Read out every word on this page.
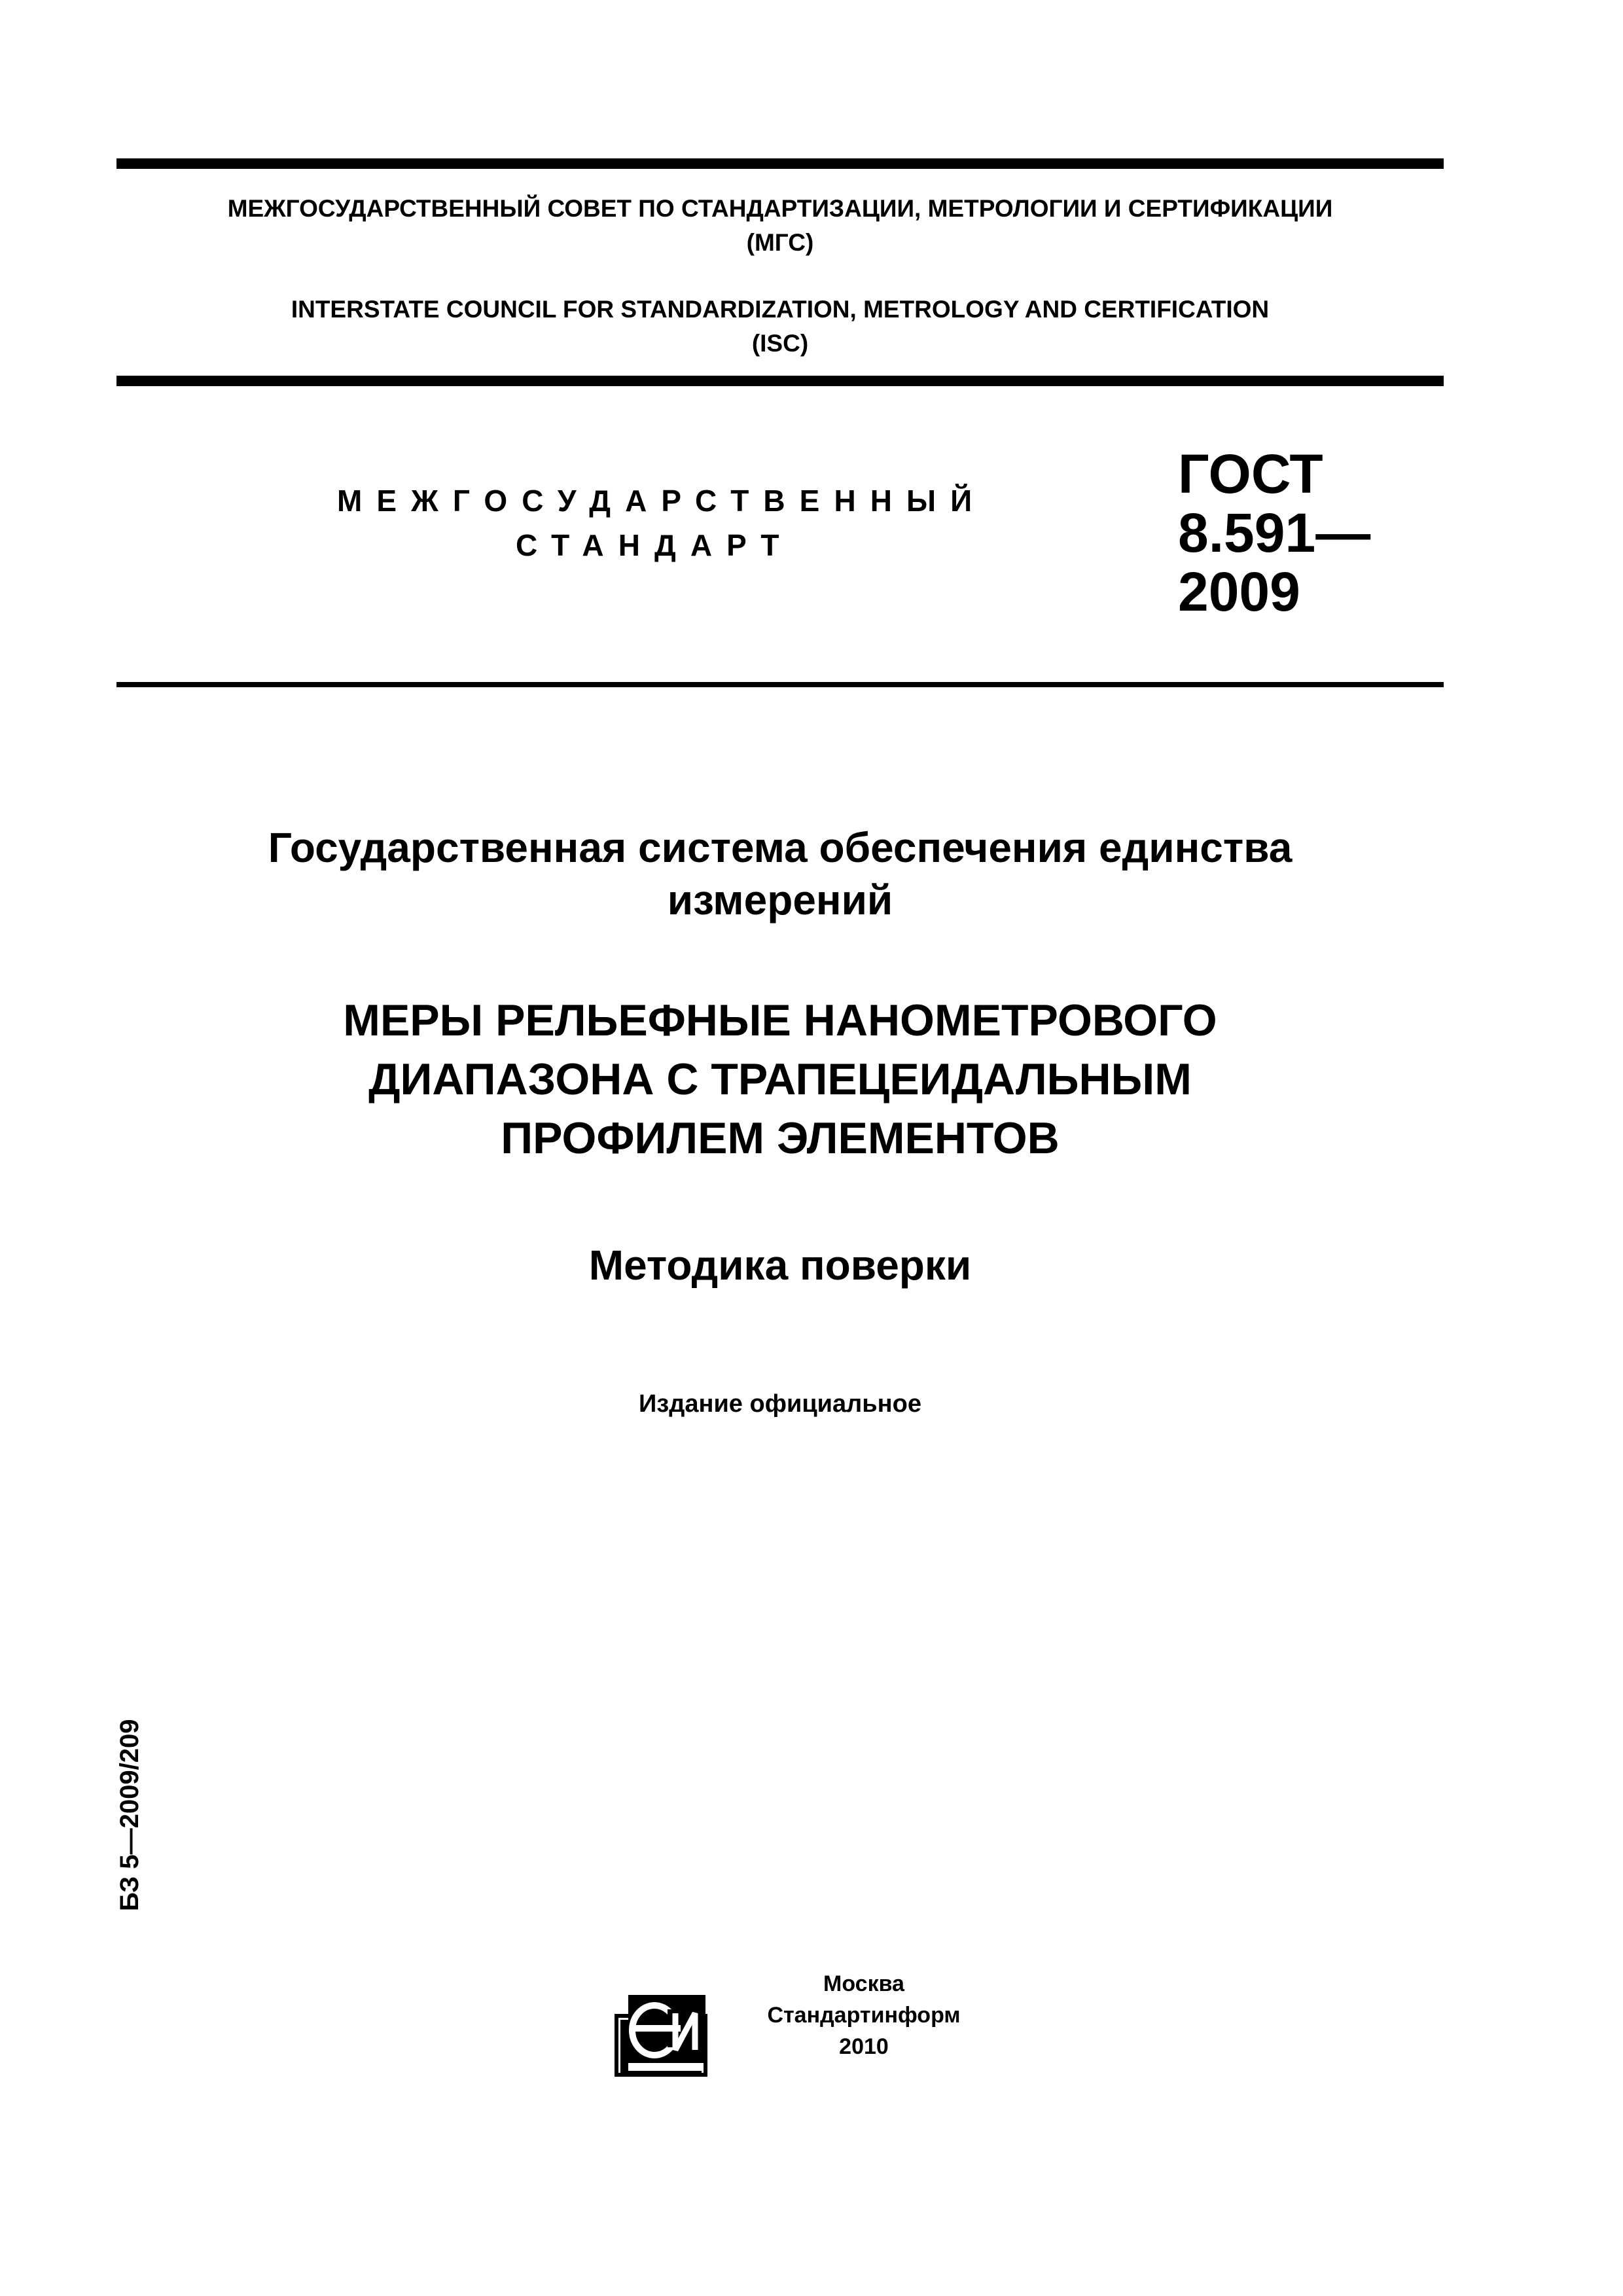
МЕЖГОСУДАРСТВЕННЫЙ СОВЕТ ПО СТАНДАРТИЗАЦИИ, МЕТРОЛОГИИ И СЕРТИФИКАЦИИ
(МГС)
INTERSTATE COUNCIL FOR STANDARDIZATION, METROLOGY AND CERTIFICATION
(ISC)
МЕЖГОСУДАРСТВЕННЫЙ
СТАНДАРТ
ГОСТ
8.591—
2009
Государственная система обеспечения единства
измерений
МЕРЫ РЕЛЬЕФНЫЕ НАНОМЕТРОВОГО
ДИАПАЗОНА С ТРАПЕЦЕИДАЛЬНЫМ
ПРОФИЛЕМ ЭЛЕМЕНТОВ
Методика поверки
Издание официальное
БЗ 5—2009/209
Москва
Стандартинформ
2010
